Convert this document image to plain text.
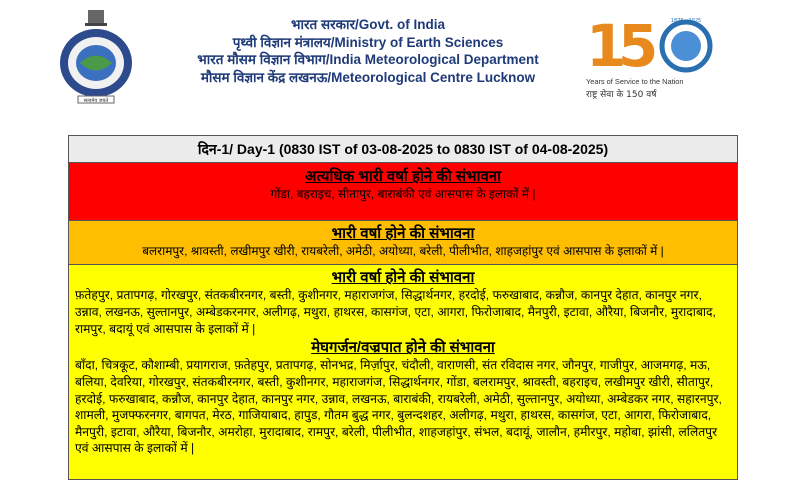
सत्यमेव जयते
भारत सरकार/Govt. of India
पृथ्वी विज्ञान मंत्रालय/Ministry of Earth Sciences
भारत मौसम विज्ञान विभाग/India Meteorological Department
मौसम विज्ञान केंद्र लखनऊ/Meteorological Centre Lucknow 1
5 1875 - 2025
Years of Service to the Nation
राष्ट्र सेवा के 150 वर्ष
दिन-1/ Day-1 (0830 IST of 03-08-2025 to 0830 IST of 04-08-2025)
अत्यधिक भारी वर्षा होने की संभावना
गोंडा, बहराइच, सीतापुर, बाराबंकी एवं आसपास के इलाकों में |
भारी वर्षा होने की संभावना
बलरामपुर, श्रावस्ती, लखीमपुर खीरी, रायबरेली, अमेठी, अयोध्या, बरेली, पीलीभीत, शाहजहांपुर एवं आसपास के इलाकों में |
भारी वर्षा होने की संभावना
फ़तेहपुर, प्रतापगढ़, गोरखपुर, संतकबीरनगर, बस्ती, कुशीनगर, महाराजगंज, सिद्धार्थनगर, हरदोई, फरुखाबाद, कन्नौज, कानपुर देहात, कानपुर नगर, उन्नाव, लखनऊ, सुल्तानपुर, अम्बेडकरनगर, अलीगढ़, मथुरा, हाथरस, कासगंज, एटा, आगरा, फिरोजाबाद, मैनपुरी, इटावा, औरैया, बिजनौर, मुरादाबाद, रामपुर, बदायूं एवं आसपास के इलाकों में |
मेघगर्जन/वज्रपात होने की संभावना
बाँदा, चित्रकूट, कौशाम्बी, प्रयागराज, फ़तेहपुर, प्रतापगढ़, सोनभद्र, मिर्ज़ापुर, चंदौली, वाराणसी, संत रविदास नगर, जौनपुर, गाजीपुर, आजमगढ़, मऊ, बलिया, देवरिया, गोरखपुर, संतकबीरनगर, बस्ती, कुशीनगर, महाराजगंज, सिद्धार्थनगर, गोंडा, बलरामपुर, श्रावस्ती, बहराइच, लखीमपुर खीरी, सीतापुर, हरदोई, फरुखाबाद, कन्नौज, कानपुर देहात, कानपुर नगर, उन्नाव, लखनऊ, बाराबंकी, रायबरेली, अमेठी, सुल्तानपुर, अयोध्या, अम्बेडकर नगर, सहारनपुर, शामली, मुजफ्फरनगर, बागपत, मेरठ, गाजियाबाद, हापुड, गौतम बुद्ध नगर, बुलन्दशहर, अलीगढ़, मथुरा, हाथरस, कासगंज, एटा, आगरा, फिरोजाबाद, मैनपुरी, इटावा, औरैया, बिजनौर, अमरोहा, मुरादाबाद, रामपुर, बरेली, पीलीभीत, शाहजहांपुर, संभल, बदायूं, जालौन, हमीरपुर, महोबा, झांसी, ललितपुर एवं आसपास के इलाकों में |
